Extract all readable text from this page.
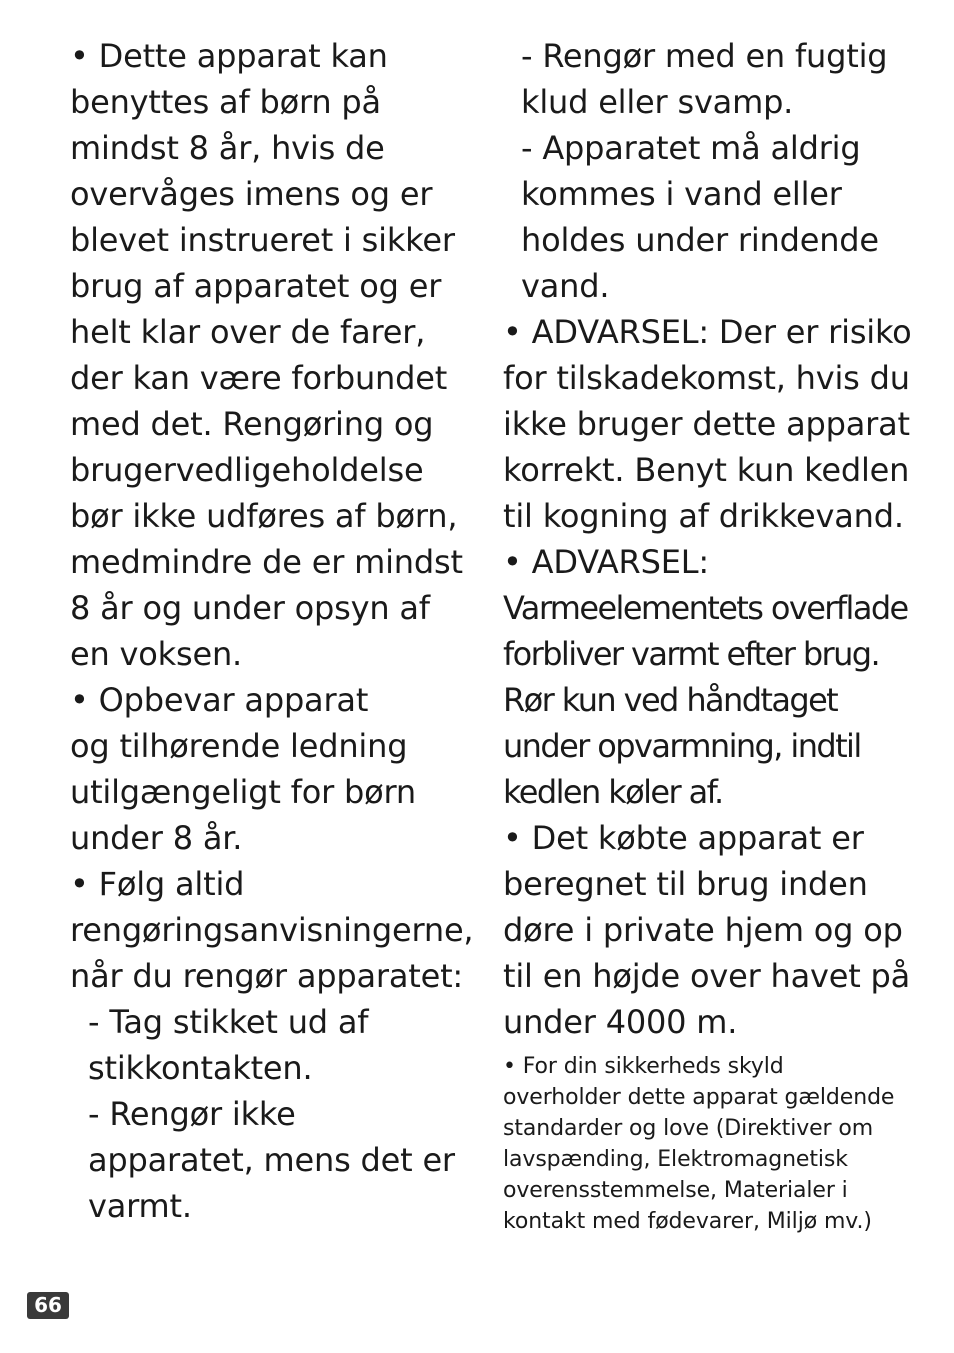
• Dette apparat kan
benyttes af børn på
mindst 8 år, hvis de
overvåges imens og er
blevet instrueret i sikker
brug af apparatet og er
helt klar over de farer,
der kan være forbundet
med det. Rengøring og
brugervedligeholdelse
bør ikke udføres af børn,
medmindre de er mindst
8 år og under opsyn af
en voksen.
• Opbevar apparat
og tilhørende ledning
utilgængeligt for børn
under 8 år.
• Følg altid
rengøringsanvisningerne,
når du rengør apparatet:
- Tag stikket ud af
stikkontakten.
- Rengør ikke
apparatet, mens det er
varmt.
- Rengør med en fugtig
klud eller svamp.
- Apparatet må aldrig
kommes i vand eller
holdes under rindende
vand.
• ADVARSEL: Der er risiko
for tilskadekomst, hvis du
ikke bruger dette apparat
korrekt. Benyt kun kedlen
til kogning af drikkevand.
• ADVARSEL:
Varmeelementets overflade
forbliver varmt efter brug.
Rør kun ved håndtaget
under opvarmning, indtil
kedlen køler af.
• Det købte apparat er
beregnet til brug inden
døre i private hjem og op
til en højde over havet på
under 4000 m.
• For din sikkerheds skyld
overholder dette apparat gældende
standarder og love (Direktiver om
lavspænding, Elektromagnetisk
overensstemmelse, Materialer i
kontakt med fødevarer, Miljø mv.)
66
